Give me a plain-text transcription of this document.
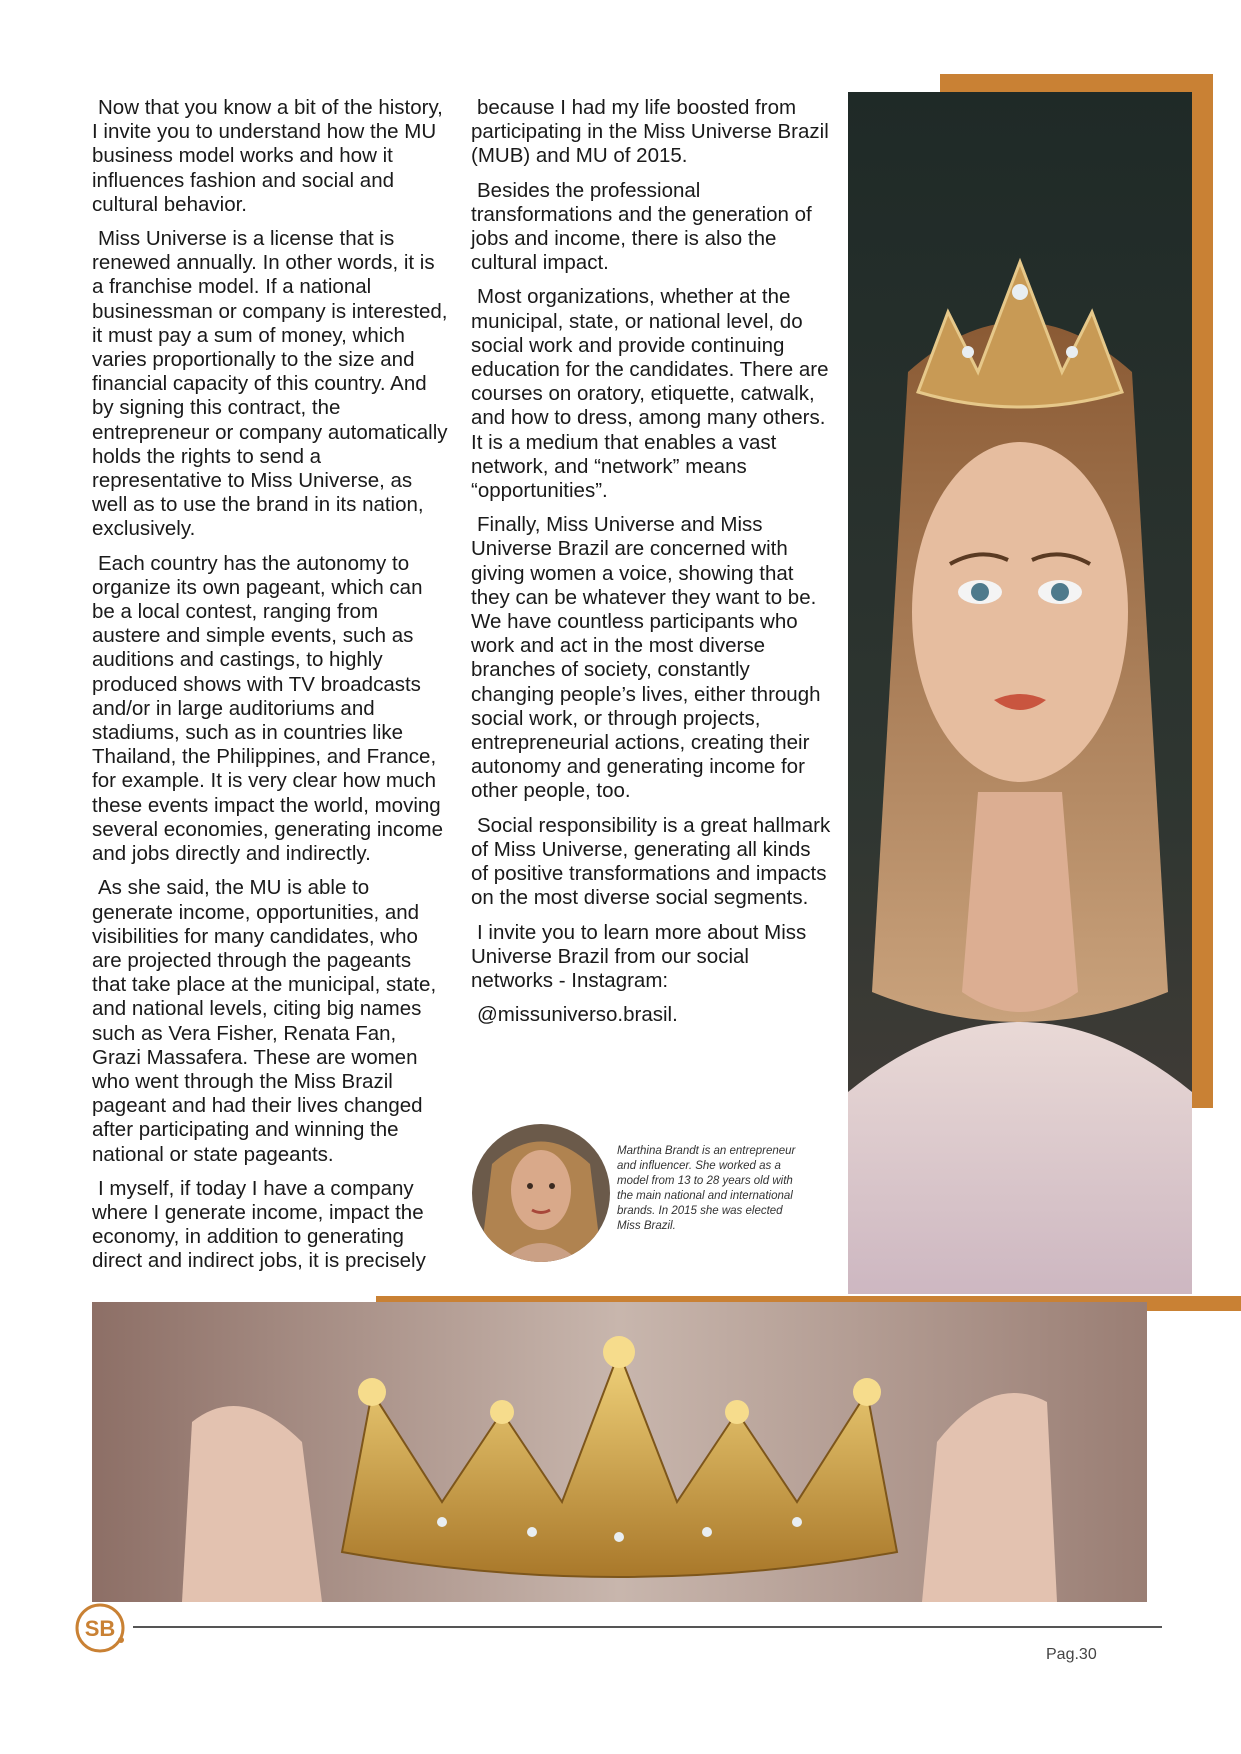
Now that you know a bit of the history, I invite you to understand how the MU business model works and how it influences fashion and social and cultural behavior.

Miss Universe is a license that is renewed annually. In other words, it is a franchise model. If a national businessman or company is interested, it must pay a sum of money, which varies proportionally to the size and financial capacity of this country. And by signing this contract, the entrepreneur or company automatically holds the rights to send a representative to Miss Universe, as well as to use the brand in its nation, exclusively.

Each country has the autonomy to organize its own pageant, which can be a local contest, ranging from austere and simple events, such as auditions and castings, to highly produced shows with TV broadcasts and/or in large auditoriums and stadiums, such as in countries like Thailand, the Philippines, and France, for example. It is very clear how much these events impact the world, moving several economies, generating income and jobs directly and indirectly.

As she said, the MU is able to generate income, opportunities, and visibilities for many candidates, who are projected through the pageants that take place at the municipal, state, and national levels, citing big names such as Vera Fisher, Renata Fan, Grazi Massafera. These are women who went through the Miss Brazil pageant and had their lives changed after participating and winning the national or state pageants.

I myself, if today I have a company where I generate income, impact the economy, in addition to generating direct and indirect jobs, it is precisely

because I had my life boosted from participating in the Miss Universe Brazil (MUB) and MU of 2015.

Besides the professional transformations and the generation of jobs and income, there is also the cultural impact.

Most organizations, whether at the municipal, state, or national level, do social work and provide continuing education for the candidates. There are courses on oratory, etiquette, catwalk, and how to dress, among many others. It is a medium that enables a vast network, and “network” means “opportunities”.

Finally, Miss Universe and Miss Universe Brazil are concerned with giving women a voice, showing that they can be whatever they want to be. We have countless participants who work and act in the most diverse branches of society, constantly changing people’s lives, either through social work, or through projects, entrepreneurial actions, creating their autonomy and generating income for other people, too.

Social responsibility is a great hallmark of Miss Universe, generating all kinds of positive transformations and impacts on the most diverse social segments.

I invite you to learn more about Miss Universe Brazil from our social networks - Instagram:

@missuniverso.brasil.

Marthina Brandt is an entrepreneur and influencer. She worked as a model from 13 to 28 years old with the main national and international brands. In 2015 she was elected Miss Brazil.
SB
Pag.30
